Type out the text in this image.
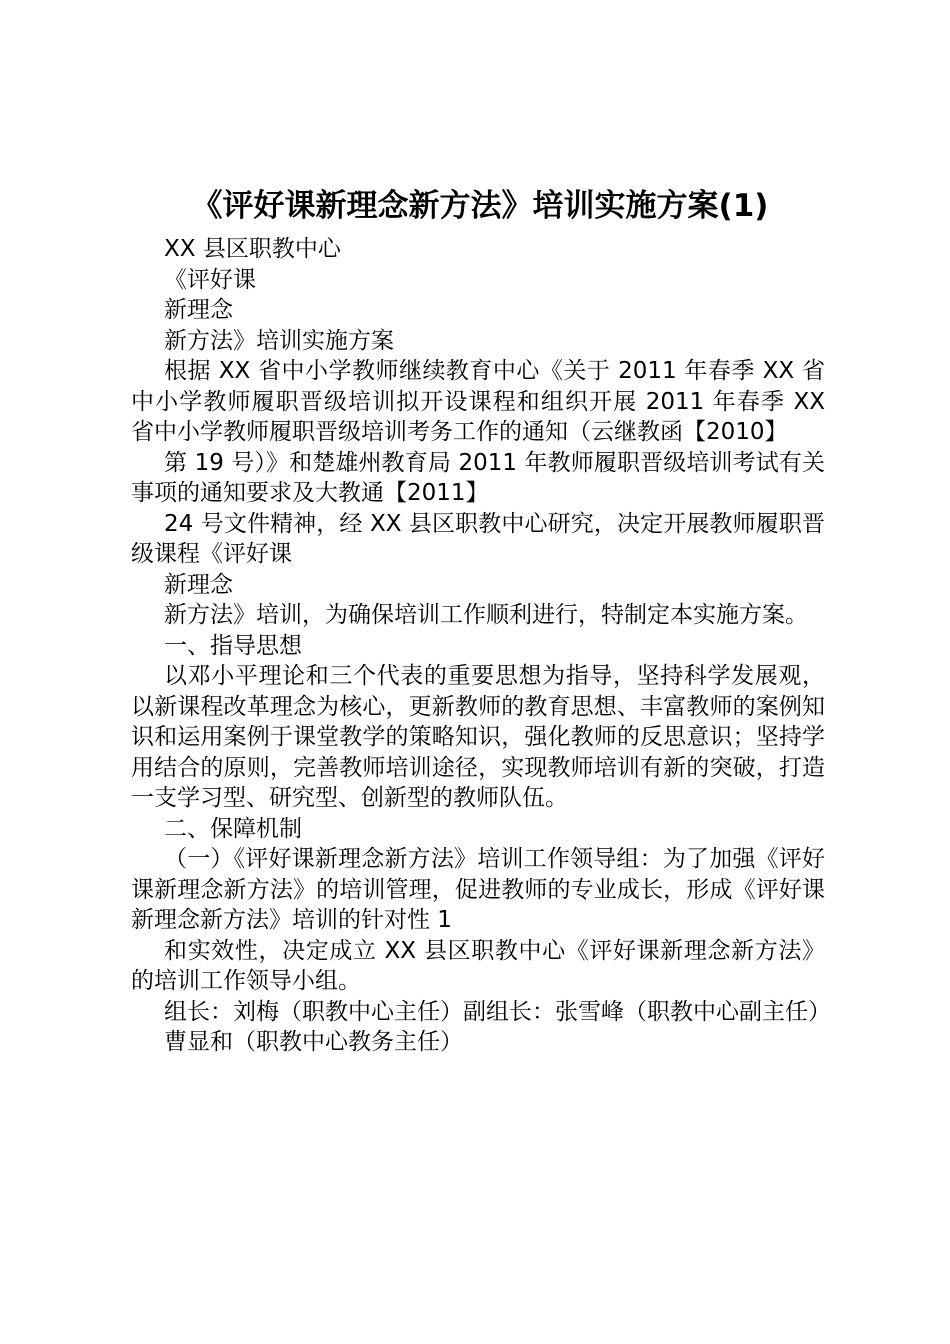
《评好课新理念新方法》培训实施方案(1)

XX 县区职教中心

《评好课

新理念

新方法》培训实施方案

根据 XX 省中小学教师继续教育中心《关于 2011 年春季 XX 省中小学教师履职晋级培训拟开设课程和组织开展 2011 年春季 XX 省中小学教师履职晋级培训考务工作的通知（云继教函【2010】

第 19 号）》和楚雄州教育局 2011 年教师履职晋级培训考试有关事项的通知要求及大教通【2011】

24 号文件精神，经 XX 县区职教中心研究，决定开展教师履职晋级课程《评好课

新理念

新方法》培训，为确保培训工作顺利进行，特制定本实施方案。

一、指导思想

以邓小平理论和三个代表的重要思想为指导，坚持科学发展观，以新课程改革理念为核心，更新教师的教育思想、丰富教师的案例知识和运用案例于课堂教学的策略知识，强化教师的反思意识；坚持学用结合的原则，完善教师培训途径，实现教师培训有新的突破，打造一支学习型、研究型、创新型的教师队伍。

二、保障机制

（一）《评好课新理念新方法》培训工作领导组：为了加强《评好课新理念新方法》的培训管理，促进教师的专业成长，形成《评好课新理念新方法》培训的针对性 1

和实效性，决定成立 XX 县区职教中心《评好课新理念新方法》的培训工作领导小组。

组长：刘梅（职教中心主任）副组长：张雪峰（职教中心副主任）

曹显和（职教中心教务主任）
